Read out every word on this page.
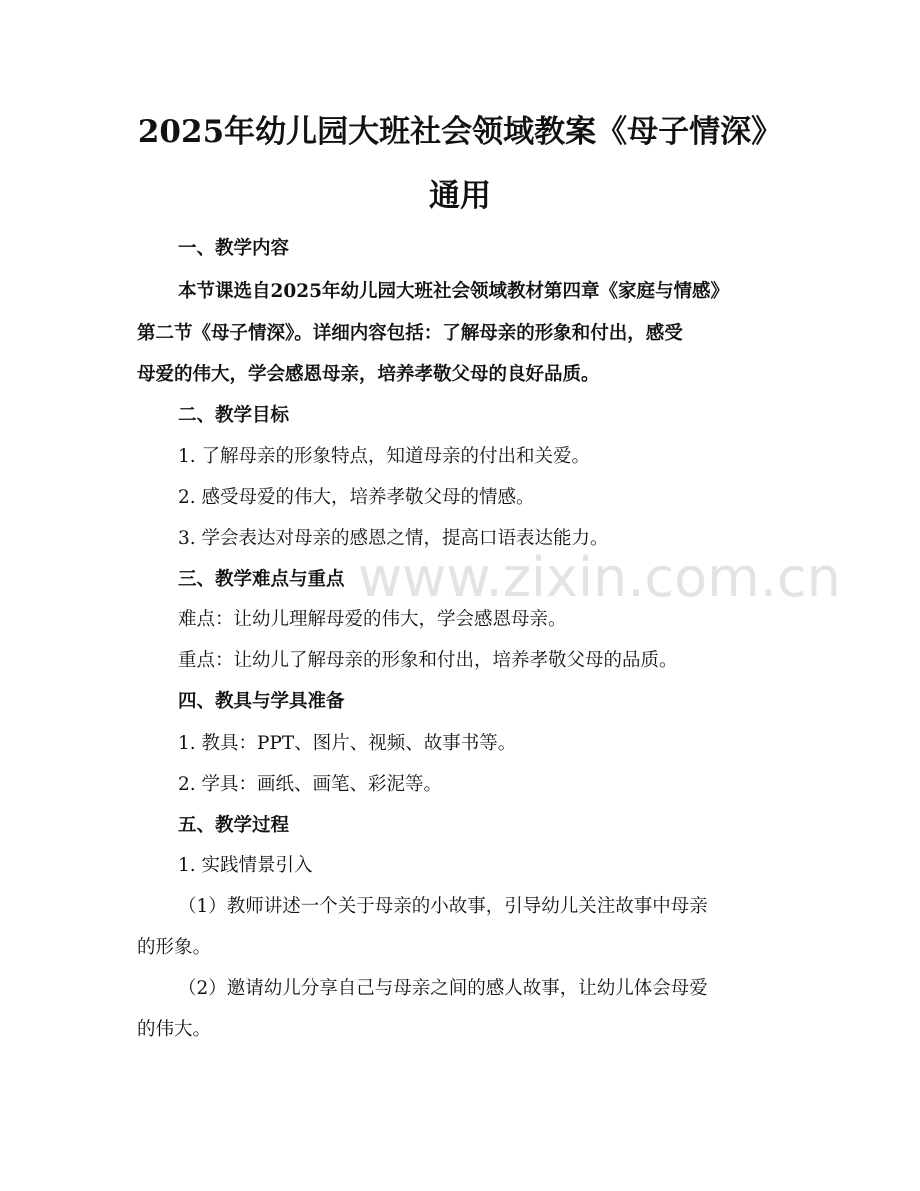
www.zixin.com.cn
2025年幼儿园大班社会领域教案《母子情深》
通用

一、教学内容

本节课选自2025年幼儿园大班社会领域教材第四章《家庭与情感》

第二节《母子情深》。详细内容包括：了解母亲的形象和付出，感受

母爱的伟大，学会感恩母亲，培养孝敬父母的良好品质。

二、教学目标

1. 了解母亲的形象特点，知道母亲的付出和关爱。

2. 感受母爱的伟大，培养孝敬父母的情感。

3. 学会表达对母亲的感恩之情，提高口语表达能力。

三、教学难点与重点

难点：让幼儿理解母爱的伟大，学会感恩母亲。

重点：让幼儿了解母亲的形象和付出，培养孝敬父母的品质。

四、教具与学具准备

1. 教具：PPT、图片、视频、故事书等。

2. 学具：画纸、画笔、彩泥等。

五、教学过程

1. 实践情景引入

（1）教师讲述一个关于母亲的小故事，引导幼儿关注故事中母亲

的形象。

（2）邀请幼儿分享自己与母亲之间的感人故事，让幼儿体会母爱

的伟大。
